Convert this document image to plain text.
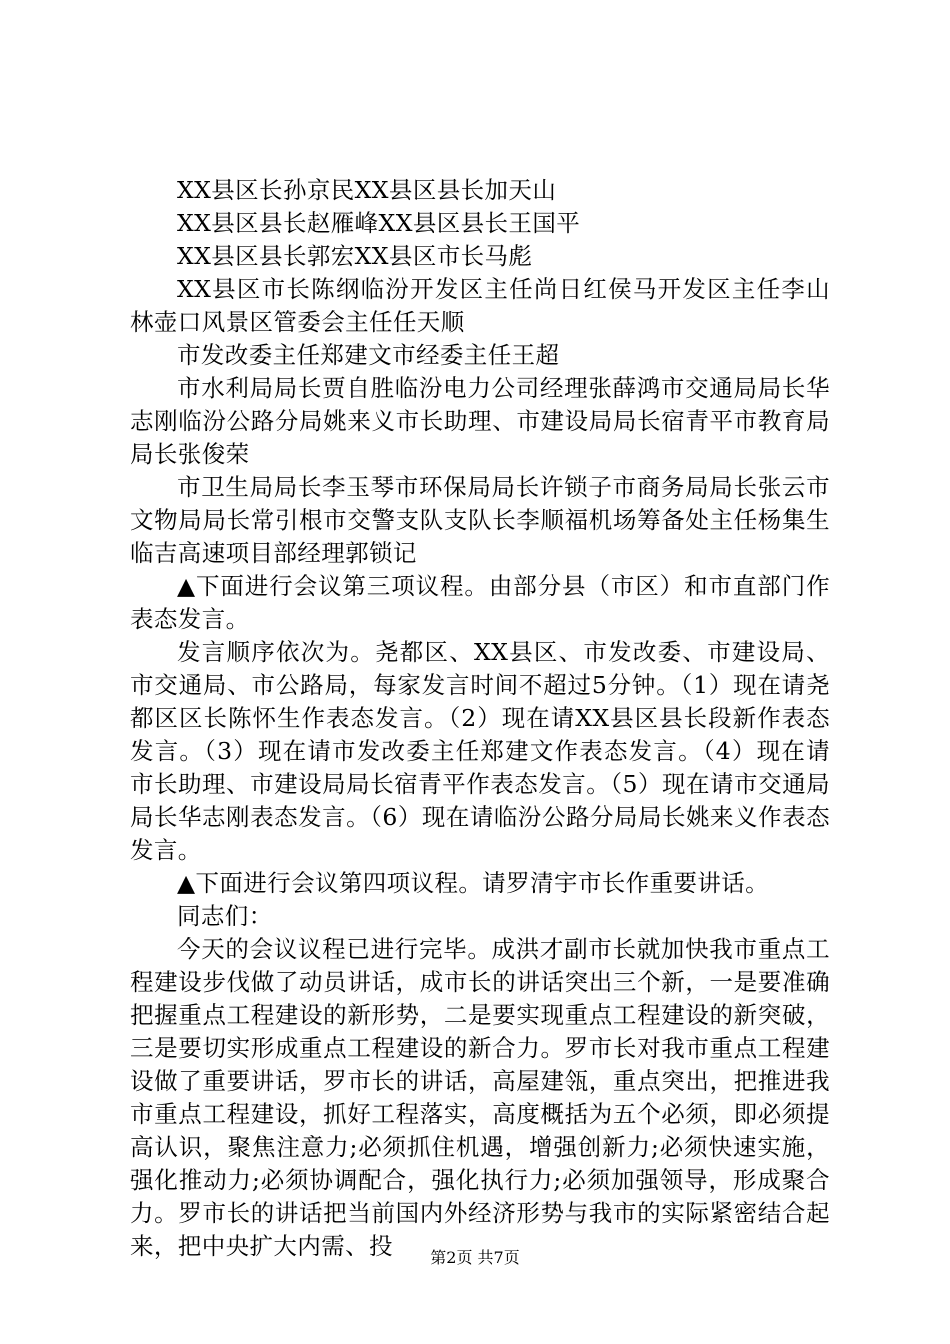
XX县区长孙京民XX县区县长加天山

XX县区县长赵雁峰XX县区县长王国平

XX县区县长郭宏XX县区市长马彪

XX县区市长陈纲临汾开发区主任尚日红侯马开发区主任李山林壶口风景区管委会主任任天顺

市发改委主任郑建文市经委主任王超

市水利局局长贾自胜临汾电力公司经理张薛鸿市交通局局长华志刚临汾公路分局姚来义市长助理、市建设局局长宿青平市教育局局长张俊荣

市卫生局局长李玉琴市环保局局长许锁子市商务局局长张云市文物局局长常引根市交警支队支队长李顺福机场筹备处主任杨集生临吉高速项目部经理郭锁记

▲下面进行会议第三项议程。由部分县（市区）和市直部门作表态发言。

发言顺序依次为。尧都区、XX县区、市发改委、市建设局、市交通局、市公路局，每家发言时间不超过5分钟。（1）现在请尧都区区长陈怀生作表态发言。（2）现在请XX县区县长段新作表态发言。（3）现在请市发改委主任郑建文作表态发言。（4）现在请市长助理、市建设局局长宿青平作表态发言。（5）现在请市交通局局长华志刚表态发言。（6）现在请临汾公路分局局长姚来义作表态发言。

▲下面进行会议第四项议程。请罗清宇市长作重要讲话。

同志们：

今天的会议议程已进行完毕。成洪才副市长就加快我市重点工程建设步伐做了动员讲话，成市长的讲话突出三个新，一是要准确把握重点工程建设的新形势，二是要实现重点工程建设的新突破，三是要切实形成重点工程建设的新合力。罗市长对我市重点工程建设做了重要讲话，罗市长的讲话，高屋建瓴，重点突出，把推进我市重点工程建设，抓好工程落实，高度概括为五个必须，即必须提高认识，聚焦注意力;必须抓住机遇，增强创新力;必须快速实施，强化推动力;必须协调配合，强化执行力;必须加强领导，形成聚合力。罗市长的讲话把当前国内外经济形势与我市的实际紧密结合起来，把中央扩大内需、投	第2页 共7页
